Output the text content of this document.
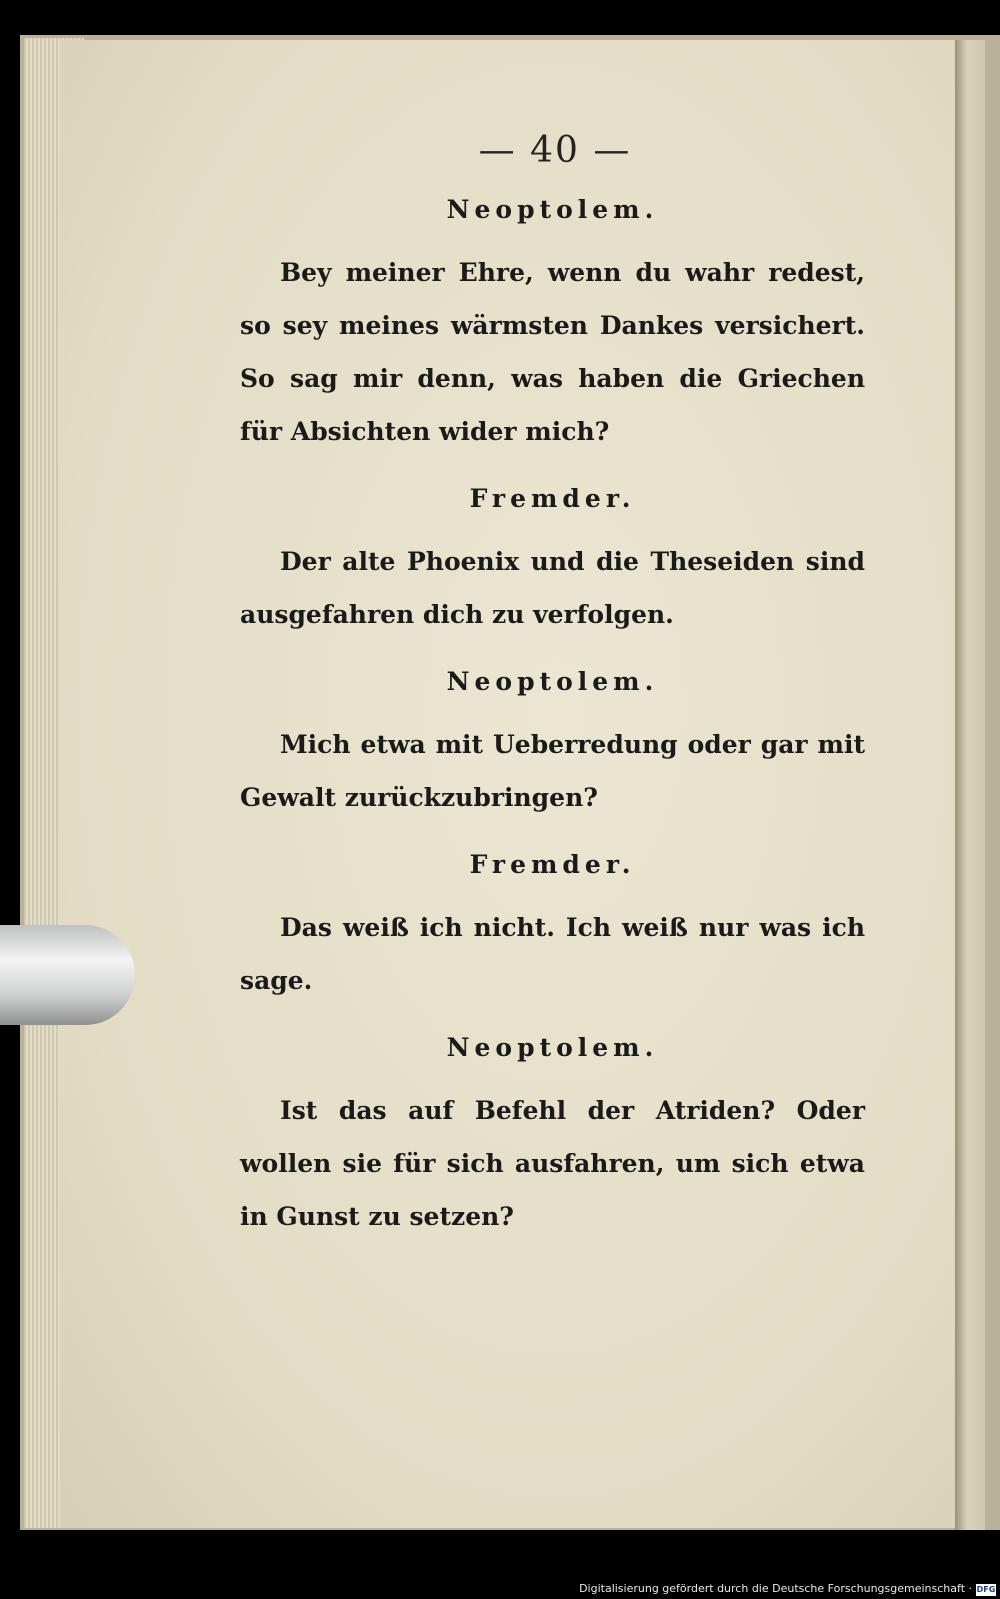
— 40 —
Neoptolem.

Bey meiner Ehre, wenn du wahr redest, so sey meines wärmsten Dankes versichert. So sag mir denn, was haben die Griechen für Absichten wider mich?

Fremder.

Der alte Phoenix und die Theseiden sind ausgefahren dich zu verfolgen.

Neoptolem.

Mich etwa mit Ueberredung oder gar mit Gewalt zurückzubringen?

Fremder.

Das weiß ich nicht. Ich weiß nur was ich sage.

Neoptolem.

Ist das auf Befehl der Atriden? Oder wollen sie für sich ausfahren, um sich etwa in Gunst zu setzen?

Digitalisierung gefördert durch die Deutsche Forschungsgemeinschaft · DFG
